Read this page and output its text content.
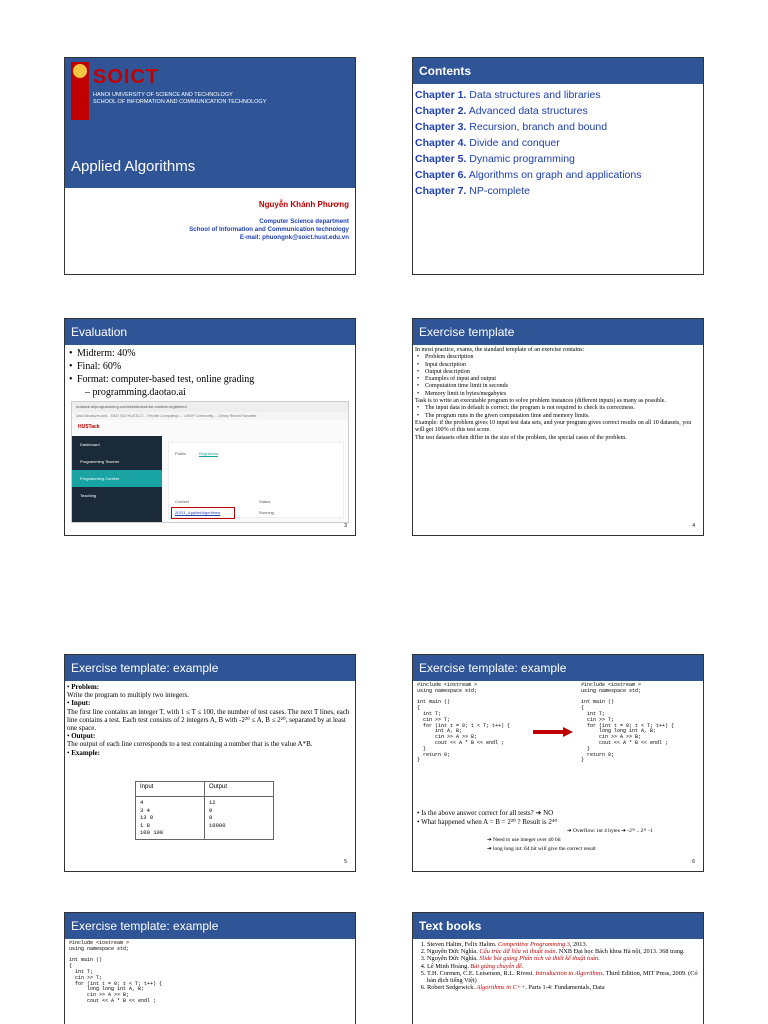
SOICT
HANOI UNIVERSITY OF SCIENCE AND TECHNOLOGY
SCHOOL OF INFORMATION AND COMMUNICATION TECHNOLOGY
Applied Algorithms
Nguyễn Khánh Phương
Computer Science department
School of Information and Communication technology
E-mail: phuongnk@soict.hust.edu.vn
Contents
Chapter 1. Data structures and libraries
Chapter 2. Advanced data structures
Chapter 3. Recursion, branch and bound
Chapter 4. Divide and conquer
Chapter 5. Dynamic programming
Chapter 6. Algorithms on graph and applications
Chapter 7. NP-complete
Evaluation
• Midterm: 40%
• Final: 60%
• Format: computer-based test, online grading
– programming.daotao.ai
hustack.ai/programming-contest/student-list-contest-registered
Data Structures and... ĐÀO TẠO HUSTLCT... Flexible Computing L... LINGP Community ... Library Record Favorites
HUSTack
Dashboard
Programming Teacher
Programming Contest
Teaching
Public	Registered
Contest	Status
20211_AppliedAlgorithms	Running
3
Exercise template
In most practice, exams, the standard template of an exercise contains:
• Problem description
• Input description
• Output description
• Examples of input and output
• Computation time limit in seconds
• Memory limit in bytes/megabytes
Task is to write an executable program to solve problem instances (different inputs) as many as possible.
• The input data in default is correct; the program is not required to check its correctness.
• The program runs in the given computation time and memory limits.
Example: if the problem gives 10 input test data sets, and your program gives correct results on all 10 datasets, you will get 100% of this test score.
The test datasets often differ in the size of the problem, the special cases of the problem.
4
Exercise template: example
• Problem:
Write the program to multiply two integers.
• Input:
The first line contains an integer T, with 1 ≤ T ≤ 100, the number of test cases. The next T lines, each line contains a test. Each test consists of 2 integers A, B with -2²⁰ ≤ A, B ≤ 2²⁰, separated by at least one space.
• Output:
The output of each line corresponds to a test containing a number that is the value A*B.
• Example:
Input	Output
4
3 4
13 0
1 8
100 100	12
0
8
10000
5
Exercise template: example
#include <iostream >
using namespace std;

int main ()
{
int T;
cin >> T;
for (int t = 0; t < T; t++) {
int A, B;
cin >> A >> B;
cout << A * B << endl ;
}
return 0;
}
#include <iostream >
using namespace std;

int main ()
{
int T;
cin >> T;
for (int t = 0; t < T; t++) {
long long int A, B;
cin >> A >> B;
cout << A * B << endl ;
}
return 0;
}
• Is the above answer correct for all tests? ➔ NO
• What happened when A = B = 2²⁰ ? Result is 2⁴⁰
➔ Overflow: int 4 bytes ➔ -2³¹ .. 2³¹ -1
➔ Need to use integer over 40 bit
➔ long long int: 64 bit will give the correct result
6
Exercise template: example
#include <iostream >
using namespace std;

int main ()
{
int T;
cin >> T;
for (int t = 0; t < T; t++) {
long long int A, B;
cin >> A >> B;
cout << A * B << endl ;
Text books
1. Steven Halim, Felix Halim. Competitive Programming 3, 2013.
2. Nguyễn Đức Nghĩa. Cấu trúc dữ liệu và thuật toán. NXB Đại học Bách khoa Hà nội, 2013. 368 trang.
3. Nguyễn Đức Nghĩa. Slide bài giảng Phân tích và thiết kế thuật toán.
4. Lê Minh Hoàng. Bài giảng chuyên đề.
5. T.H. Cormen, C.E. Leiserson, R.L. Rivest. Introduction to Algorithms. Third Edition, MIT Press, 2009. (Có bản dịch tiếng Việt)
6. Robert Sedgewick. Algorithms in C++. Parts 1-4: Fundamentals, Data
